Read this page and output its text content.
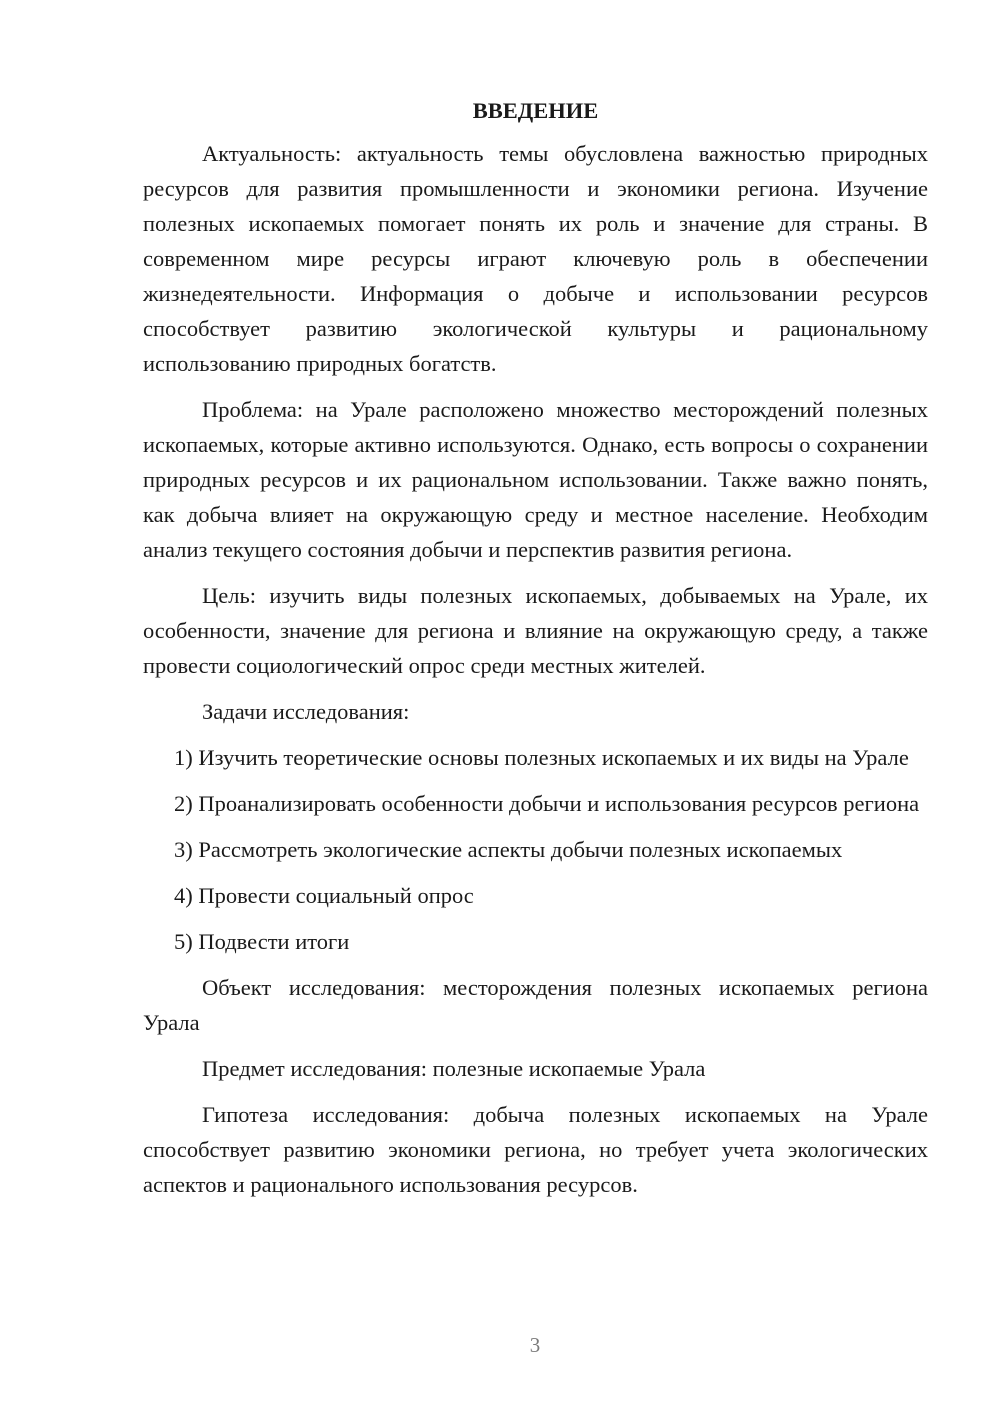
ВВЕДЕНИЕ

Актуальность: актуальность темы обусловлена важностью природных ресурсов для развития промышленности и экономики региона. Изучение полезных ископаемых помогает понять их роль и значение для страны. В современном мире ресурсы играют ключевую роль в обеспечении жизнедеятельности. Информация о добыче и использовании ресурсов способствует развитию экологической культуры и рациональному использованию природных богатств.

Проблема: на Урале расположено множество месторождений полезных ископаемых, которые активно используются. Однако, есть вопросы о сохранении природных ресурсов и их рациональном использовании. Также важно понять, как добыча влияет на окружающую среду и местное население. Необходим анализ текущего состояния добычи и перспектив развития региона.

Цель: изучить виды полезных ископаемых, добываемых на Урале, их особенности, значение для региона и влияние на окружающую среду, а также провести социологический опрос среди местных жителей.

Задачи исследования:

1) Изучить теоретические основы полезных ископаемых и их виды на Урале

2) Проанализировать особенности добычи и использования ресурсов региона

3) Рассмотреть экологические аспекты добычи полезных ископаемых

4) Провести социальный опрос

5) Подвести итоги

Объект исследования: месторождения полезных ископаемых региона Урала

Предмет исследования: полезные ископаемые Урала

Гипотеза исследования: добыча полезных ископаемых на Урале способствует развитию экономики региона, но требует учета экологических аспектов и рационального использования ресурсов.

3
